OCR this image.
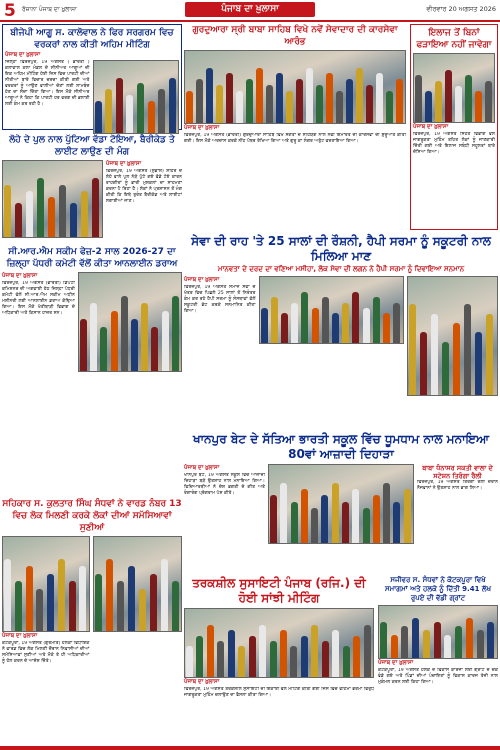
5 ਰੋਜ਼ਾਨਾ ਪੰਜਾਬ ਦਾ ਖ਼ੁਲਾਸਾ	ਪੰਜਾਬ ਦਾ ਖ਼ੁਲਾਸਾ	ਵੀਰਵਾਰ 20 ਅਗਸਤ 2026
ਬੀਜੇਪੀ ਆਗੂ ਸ. ਕਾਲੋਵਾਲ ਨੇ ਫਿਰ ਸਰਗਰਮ ਵਿਚ ਵਰਕਰਾਂ ਨਾਲ ਕੀਤੀ ਅਹਿਮ ਮੀਟਿੰਗ
ਪੰਜਾਬ ਦਾ ਖ਼ੁਲਾਸਾ
ਜਿਲ੍ਹਾ ਫਿਰੋਜ਼ਪੁਰ, 19 ਅਗਸਤ ( ਭਾਰਤੀ ) ਕਲਾਵਾਲ ਕਲਾ ਮੰਡਲ ਦੇ ਸੀਨੀਅਰ ਆਗੂਆਂ ਦੀ ਇਕ ਅਹਿਮ ਮੀਟਿੰਗ ਹੋਈ ਜਿਸ ਵਿਚ ਪਾਰਟੀ ਦੀਆਂ ਨੀਤੀਆਂ ਬਾਰੇ ਵਿਚਾਰ ਚਰਚਾ ਕੀਤੀ ਗਈ ਅਤੇ ਵਰਕਰਾਂ ਨੂੰ ਆਉਣ ਵਾਲੀਆਂ ਚੋਣਾਂ ਲਈ ਲਾਮਬੰਦ ਹੋਣ ਦਾ ਸੱਦਾ ਦਿੱਤਾ ਗਿਆ। ਇਸ ਮੌਕੇ ਸੀਨੀਅਰ ਆਗੂਆਂ ਨੇ ਕਿਹਾ ਕਿ ਪਾਰਟੀ ਹਰ ਵਰਗ ਦੀ ਭਲਾਈ ਲਈ ਕੰਮ ਕਰ ਰਹੀ ਹੈ।
ਲੋਹੇ ਦੇ ਪੁਲ ਨਾਲ ਪੁੱਟਿਆ ਵੱਡਾ ਟੋਇਆ, ਬੈਰੀਕੇਡ ਤੇ ਲਾਈਟ ਲਾਉਣ ਦੀ ਮੰਗ
ਪੰਜਾਬ ਦਾ ਖ਼ੁਲਾਸਾ
ਫਿਰੋਜ਼ਪੁਰ, 19 ਅਗਸਤ (ਸੁਭਾਸ਼) ਸ਼ਹਿਰ ਦੇ ਲੋਹੇ ਵਾਲੇ ਪੁਲ ਨੇੜੇ ਪੁੱਟੇ ਗਏ ਵੱਡੇ ਟੋਏ ਕਾਰਨ ਰਾਹਗੀਰਾਂ ਨੂੰ ਭਾਰੀ ਮੁਸ਼ਕਲਾਂ ਦਾ ਸਾਹਮਣਾ ਕਰਨਾ ਪੈ ਰਿਹਾ ਹੈ। ਲੋਕਾਂ ਨੇ ਪ੍ਰਸ਼ਾਸਨ ਤੋਂ ਮੰਗ ਕੀਤੀ ਕਿ ਇਥੇ ਤੁਰੰਤ ਬੈਰੀਕੇਡ ਅਤੇ ਲਾਈਟਾਂ ਲਗਾਈਆਂ ਜਾਣ।
ਸੀ.ਆਰ.ਐਮ ਸਕੀਮ ਫੇਜ਼-2 ਸਾਲ 2026-27 ਦਾ ਜ਼ਿਲ੍ਹਾ ਪੱਧਰੀ ਕਮੇਟੀ ਵੱਲੋਂ ਕੀਤਾ ਆਨਲਾਈਨ ਡਰਾਅ
ਪੰਜਾਬ ਦਾ ਖ਼ੁਲਾਸਾ
ਫਿਰੋਜ਼ਪੁਰ, 19 ਅਗਸਤ (ਭਾਰਤੀ) ਡਿਪਟੀ ਕਮਿਸ਼ਨਰ ਦੀ ਅਗਵਾਈ ਹੇਠ ਜ਼ਿਲ੍ਹਾ ਪੱਧਰੀ ਕਮੇਟੀ ਵੱਲੋਂ ਸੀ.ਆਰ.ਐਮ ਸਕੀਮ ਅਧੀਨ ਮਸ਼ੀਨਰੀ ਲਈ ਆਨਲਾਈਨ ਡਰਾਅ ਕੱਢਿਆ ਗਿਆ। ਇਸ ਮੌਕੇ ਖੇਤੀਬਾੜੀ ਵਿਭਾਗ ਦੇ ਅਧਿਕਾਰੀ ਅਤੇ ਕਿਸਾਨ ਹਾਜ਼ਰ ਸਨ।
ਸਹਿਕਾਰ ਸ. ਕੁਲਤਾਰ ਸਿੰਘ ਸੰਧਵਾਂ ਨੇ ਵਾਰਡ ਨੰਬਰ 13 ਵਿਚ ਲੋਕ ਮਿਲਣੀ ਕਰਕੇ ਲੋਕਾਂ ਦੀਆਂ ਸਮੱਸਿਆਵਾਂ ਸੁਣੀਆਂ
ਪੰਜਾਬ ਦਾ ਖ਼ੁਲਾਸਾ
ਕੋਟਕਪੂਰਾ, 19 ਅਗਸਤ (ਗੁਰਮੀਤ) ਹਲਕਾ ਵਿਧਾਇਕ ਨੇ ਵਾਰਡ ਵਿਚ ਲੋਕ ਮਿਲਣੀ ਦੌਰਾਨ ਨਿਵਾਸੀਆਂ ਦੀਆਂ ਸਮੱਸਿਆਵਾਂ ਸੁਣੀਆਂ ਅਤੇ ਮੌਕੇ ਤੇ ਹੀ ਅਧਿਕਾਰੀਆਂ ਨੂੰ ਹੱਲ ਕਰਨ ਦੇ ਆਦੇਸ਼ ਦਿੱਤੇ।
ਗੁਰਦੁਆਰਾ ਸ੍ਰੀ ਬਾਬਾ ਸਾਹਿਬ ਵਿਖੇ ਨਵੇਂ ਸੇਵਾਦਾਰ ਦੀ ਕਾਰਸੇਵਾ ਆਰੰਭ
ਪੰਜਾਬ ਦਾ ਖ਼ੁਲਾਸਾ
ਫਿਰੋਜ਼ਪੁਰ, 19 ਅਗਸਤ (ਭਾਰਤੀ) ਗੁਰਦੁਆਰਾ ਸਾਹਿਬ ਵਿਖੇ ਸੰਗਤਾਂ ਦੇ ਸਹਿਯੋਗ ਨਾਲ ਨਵੀਂ ਇਮਾਰਤ ਦੀ ਕਾਰਸੇਵਾ ਦੀ ਸ਼ੁਰੂਆਤ ਕੀਤੀ ਗਈ। ਇਸ ਮੌਕੇ ਅਰਦਾਸ ਕਰਕੇ ਨੀਂਹ ਪੱਥਰ ਰੱਖਿਆ ਗਿਆ ਅਤੇ ਗੁਰੂ ਕਾ ਲੰਗਰ ਅਤੁੱਟ ਵਰਤਾਇਆ ਗਿਆ।
ਇਲਾਜ ਤੋਂ ਬਿਨਾਂ ਫੜਾਇਆ ਨਹੀਂ ਜਾਵੇਗਾ
ਪੰਜਾਬ ਦਾ ਖ਼ੁਲਾਸਾ
ਫਿਰੋਜ਼ਪੁਰ, 19 ਅਗਸਤ ਸਿਹਤ ਵਿਭਾਗ ਵੱਲੋਂ ਜਾਗਰੂਕਤਾ ਮੁਹਿੰਮ ਤਹਿਤ ਲੋਕਾਂ ਨੂੰ ਜਾਣਕਾਰੀ ਦਿੱਤੀ ਗਈ ਅਤੇ ਇਲਾਜ ਸਬੰਧੀ ਸਹੂਲਤਾਂ ਬਾਰੇ ਦੱਸਿਆ ਗਿਆ।
ਸੇਵਾ ਦੀ ਰਾਹ 'ਤੇ 25 ਸਾਲਾਂ ਦੀ ਰੌਸ਼ਨੀ, ਹੈਪੀ ਸਰਮਾ ਨੂੰ ਸਕੂਟਰੀ ਨਾਲ ਮਿਲਿਆ ਮਾਣ
ਮਾਨਵਤਾ ਦੇ ਦਰਦ ਦਾ ਵਣਿਆ ਮਸੀਹਾ, ਲੋਕ ਸੇਵਾ ਦੀ ਲਗਨ ਨੇ ਹੈਪੀ ਸਰਮਾ ਨੂੰ ਦਿਵਾਇਆ ਸਨਮਾਨ
ਪੰਜਾਬ ਦਾ ਖ਼ੁਲਾਸਾ
ਫਿਰੋਜ਼ਪੁਰ, 19 ਅਗਸਤ ਸਮਾਜ ਸੇਵਾ ਦੇ ਖੇਤਰ ਵਿਚ ਪਿਛਲੇ 25 ਸਾਲਾਂ ਤੋਂ ਨਿਰੰਤਰ ਕੰਮ ਕਰ ਰਹੇ ਹੈਪੀ ਸਰਮਾ ਨੂੰ ਸੰਸਥਾਵਾਂ ਵੱਲੋਂ ਸਕੂਟਰੀ ਭੇਟ ਕਰਕੇ ਸਨਮਾਨਿਤ ਕੀਤਾ ਗਿਆ।
ਖਾਨਪੁਰ ਬੇਟ ਦੇ ਸੱਤਿਆ ਭਾਰਤੀ ਸਕੂਲ ਵਿੱਚ ਧੂਮਧਾਮ ਨਾਲ ਮਨਾਇਆ 80ਵਾਂ ਆਜ਼ਾਦੀ ਦਿਹਾੜਾ
ਪੰਜਾਬ ਦਾ ਖ਼ੁਲਾਸਾ
ਖਾਨਪੁਰ ਬੇਟ, 19 ਅਗਸਤ ਸਕੂਲ ਵਿਚ ਆਜ਼ਾਦੀ ਦਿਹਾੜਾ ਬੜੇ ਉਤਸ਼ਾਹ ਨਾਲ ਮਨਾਇਆ ਗਿਆ। ਵਿਦਿਆਰਥੀਆਂ ਨੇ ਦੇਸ਼ ਭਗਤੀ ਦੇ ਗੀਤ ਅਤੇ ਰੰਗਾਰੰਗ ਪ੍ਰੋਗਰਾਮ ਪੇਸ਼ ਕੀਤੇ।
ਬਾਬਾ ਧੰਨਾਸਰ ਸਕਤੀ ਵਾਲਾ ਦੇ ਸਟੇਸ਼ਨ ਤਿਰੰਗਾ ਰੈਲੀ
ਫਿਰੋਜ਼ਪੁਰ, 19 ਅਗਸਤ ਤਿਰੰਗਾ ਰੈਲੀ ਦੌਰਾਨ ਨੌਜਵਾਨਾਂ ਨੇ ਉਤਸ਼ਾਹ ਨਾਲ ਭਾਗ ਲਿਆ।
ਤਰਕਸ਼ੀਲ ਸੁਸਾਇਟੀ ਪੰਜਾਬ (ਰਜਿ.) ਦੀ ਹੋਈ ਸਾਂਝੀ ਮੀਟਿੰਗ
ਪੰਜਾਬ ਦਾ ਖ਼ੁਲਾਸਾ
ਫਿਰੋਜ਼ਪੁਰ, 19 ਅਗਸਤ ਤਰਕਸ਼ੀਲ ਸੁਸਾਇਟੀ ਦੀ ਇਕਾਈ ਵੱਲੋਂ ਮੀਟਿੰਗ ਕੀਤੀ ਗਈ ਜਿਸ ਵਿਚ ਵਹਿਮਾਂ ਭਰਮਾਂ ਵਿਰੁੱਧ ਜਾਗਰੂਕਤਾ ਮੁਹਿੰਮ ਚਲਾਉਣ ਦਾ ਫੈਸਲਾ ਕੀਤਾ ਗਿਆ।
ਸਜੀਵਰ ਸ. ਸੰਧਵਾਂ ਨੇ ਕੋਟਕਪੂਰਾ ਵਿਖੇ ਸਮਾਗਮਾਂ ਅਤੇ ਹਲਕੇ ਨੂੰ ਦਿੱਤੀ 9.41 ਲੱਖ ਰੁਪਏ ਦੀ ਵੱਡੀ ਗ੍ਰਾਂਟ
ਪੰਜਾਬ ਦਾ ਖ਼ੁਲਾਸਾ
ਕੋਟਕਪੂਰਾ, 19 ਅਗਸਤ ਹਲਕੇ ਦੇ ਵਿਕਾਸ ਕਾਰਜਾਂ ਲਈ ਗ੍ਰਾਂਟ ਦੇ ਚੈੱਕ ਵੰਡੇ ਗਏ ਅਤੇ ਪਿੰਡਾਂ ਦੀਆਂ ਪੰਚਾਇਤਾਂ ਨੂੰ ਵਿਕਾਸ ਕਾਰਜ ਤੇਜ਼ੀ ਨਾਲ ਮੁਕੰਮਲ ਕਰਨ ਲਈ ਕਿਹਾ ਗਿਆ।
